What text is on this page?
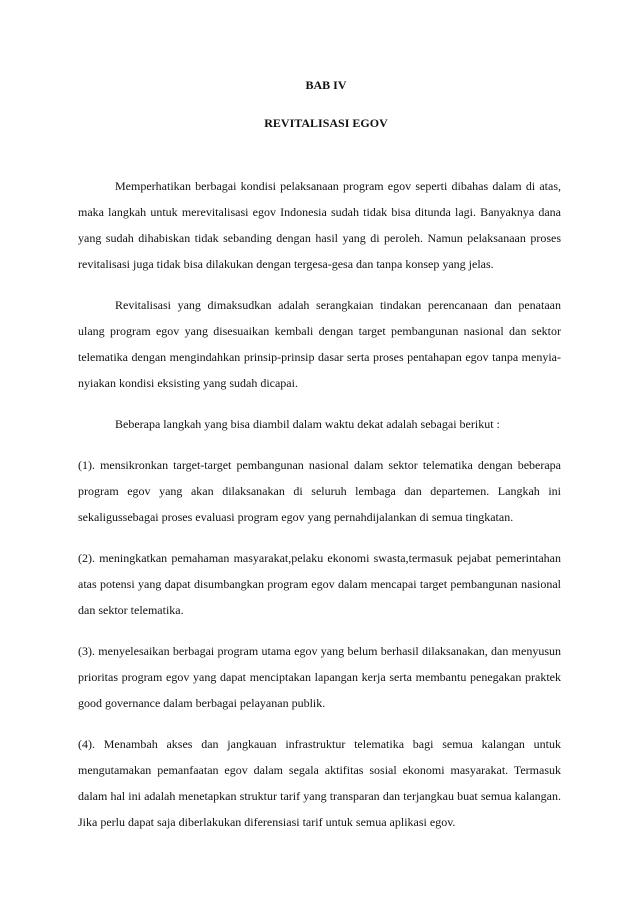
BAB IV
REVITALISASI EGOV

Memperhatikan berbagai kondisi pelaksanaan program egov seperti dibahas dalam di atas, maka langkah untuk merevitalisasi egov Indonesia sudah tidak bisa ditunda lagi. Banyaknya dana yang sudah dihabiskan tidak sebanding dengan hasil yang di peroleh. Namun pelaksanaan proses revitalisasi juga tidak bisa dilakukan dengan tergesa-gesa dan tanpa konsep yang jelas.

Revitalisasi yang dimaksudkan adalah serangkaian tindakan perencanaan dan penataan ulang program egov yang disesuaikan kembali dengan target pembangunan nasional dan sektor telematika dengan mengindahkan prinsip-prinsip dasar serta proses pentahapan egov tanpa menyia-nyiakan kondisi eksisting yang sudah dicapai.

Beberapa langkah yang bisa diambil dalam waktu dekat adalah sebagai berikut :

(1). mensikronkan target-target pembangunan nasional dalam sektor telematika dengan beberapa program egov yang akan dilaksanakan di seluruh lembaga dan departemen. Langkah ini sekaligussebagai proses evaluasi program egov yang pernahdijalankan di semua tingkatan.

(2). meningkatkan pemahaman masyarakat,pelaku ekonomi swasta,termasuk pejabat pemerintahan atas potensi yang dapat disumbangkan program egov dalam mencapai target pembangunan nasional dan sektor telematika.

(3). menyelesaikan berbagai program utama egov yang belum berhasil dilaksanakan, dan menyusun prioritas program egov yang dapat menciptakan lapangan kerja serta membantu penegakan praktek good governance dalam berbagai pelayanan publik.

(4). Menambah akses dan jangkauan infrastruktur telematika bagi semua kalangan untuk mengutamakan pemanfaatan egov dalam segala aktifitas sosial ekonomi masyarakat. Termasuk dalam hal ini adalah menetapkan struktur tarif yang transparan dan terjangkau buat semua kalangan. Jika perlu dapat saja diberlakukan diferensiasi tarif untuk semua aplikasi egov.
